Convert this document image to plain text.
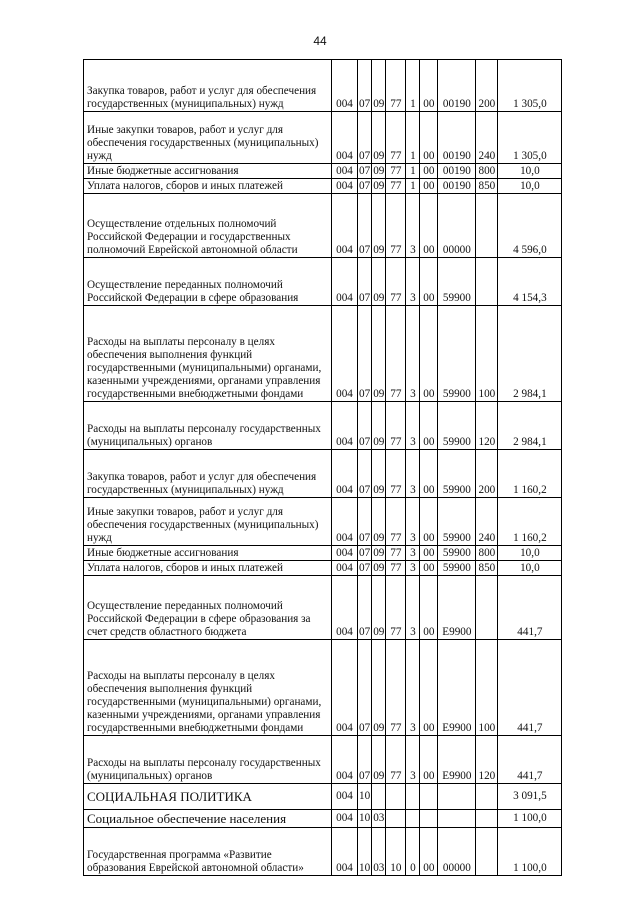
44
Закупка товаров, работ и услуг для обеспечения государственных (муниципальных) нужд	004	07	09	77	1	00	00190	200	1 305,0
Иные закупки товаров, работ и услуг для обеспечения государственных (муниципальных) нужд	004	07	09	77	1	00	00190	240	1 305,0
Иные бюджетные ассигнования	004	07	09	77	1	00	00190	800	10,0
Уплата налогов, сборов и иных платежей	004	07	09	77	1	00	00190	850	10,0
Осуществление отдельных полномочий Российской Федерации и государственных полномочий Еврейской автономной области	004	07	09	77	3	00	00000		4 596,0
Осуществление переданных полномочий Российской Федерации в сфере образования	004	07	09	77	3	00	59900		4 154,3
Расходы на выплаты персоналу в целях обеспечения выполнения функций государственными (муниципальными) органами, казенными учреждениями, органами управления государственными внебюджетными фондами	004	07	09	77	3	00	59900	100	2 984,1
Расходы на выплаты персоналу государственных (муниципальных) органов	004	07	09	77	3	00	59900	120	2 984,1
Закупка товаров, работ и услуг для обеспечения государственных (муниципальных) нужд	004	07	09	77	3	00	59900	200	1 160,2
Иные закупки товаров, работ и услуг для обеспечения государственных (муниципальных) нужд	004	07	09	77	3	00	59900	240	1 160,2
Иные бюджетные ассигнования	004	07	09	77	3	00	59900	800	10,0
Уплата налогов, сборов и иных платежей	004	07	09	77	3	00	59900	850	10,0
Осуществление переданных полномочий Российской Федерации в сфере образования за счет средств областного бюджета	004	07	09	77	3	00	E9900		441,7
Расходы на выплаты персоналу в целях обеспечения выполнения функций государственными (муниципальными) органами, казенными учреждениями, органами управления государственными внебюджетными фондами	004	07	09	77	3	00	E9900	100	441,7
Расходы на выплаты персоналу государственных (муниципальных) органов	004	07	09	77	3	00	E9900	120	441,7
СОЦИАЛЬНАЯ ПОЛИТИКА	004	10							3 091,5
Социальное обеспечение населения	004	10	03						1 100,0
Государственная программа «Развитие образования Еврейской автономной области»	004	10	03	10	0	00	00000		1 100,0
